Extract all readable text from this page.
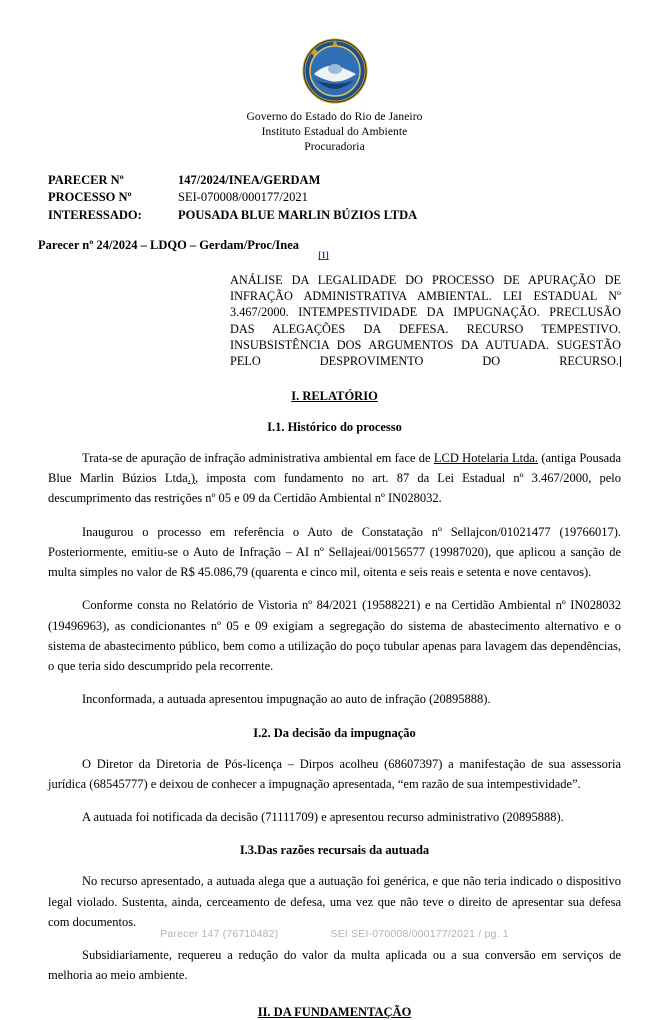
Governo do Estado do Rio de Janeiro
Instituto Estadual do Ambiente
Procuradoria
PARECER Nº	147/2024/INEA/GERDAM
PROCESSO Nº	SEI-070008/000177/2021
INTERESSADO:	POUSADA BLUE MARLIN BÚZIOS LTDA
Parecer nº 24/2024 – LDQO – Gerdam/Proc/Inea
[1]
ANÁLISE DA LEGALIDADE DO PROCESSO DE APURAÇÃO DE INFRAÇÃO ADMINISTRATIVA AMBIENTAL. LEI ESTADUAL Nº 3.467/2000. INTEMPESTIVIDADE DA IMPUGNAÇÃO. PRECLUSÃO DAS ALEGAÇÕES DA DEFESA. RECURSO TEMPESTIVO. INSUBSISTÊNCIA DOS ARGUMENTOS DA AUTUADA. SUGESTÃO PELO DESPROVIMENTO DO RECURSO.
I. RELATÓRIO
I.1. Histórico do processo

Trata-se de apuração de infração administrativa ambiental em face de LCD Hotelaria Ltda. (antiga Pousada Blue Marlin Búzios Ltda.), imposta com fundamento no art. 87 da Lei Estadual nº 3.467/2000, pelo descumprimento das restrições nº 05 e 09 da Certidão Ambiental nº IN028032.

Inaugurou o processo em referência o Auto de Constatação nº Sellajcon/01021477 (19766017). Posteriormente, emitiu-se o Auto de Infração – AI nº Sellajeai/00156577 (19987020), que aplicou a sanção de multa simples no valor de R$ 45.086,79 (quarenta e cinco mil, oitenta e seis reais e setenta e nove centavos).

Conforme consta no Relatório de Vistoria nº 84/2021 (19588221) e na Certidão Ambiental nº IN028032 (19496963), as condicionantes nº 05 e 09 exigiam a segregação do sistema de abastecimento alternativo e o sistema de abastecimento público, bem como a utilização do poço tubular apenas para lavagem das dependências, o que teria sido descumprido pela recorrente.

Inconformada, a autuada apresentou impugnação ao auto de infração (20895888).

I.2. Da decisão da impugnação

O Diretor da Diretoria de Pós-licença – Dirpos acolheu (68607397) a manifestação de sua assessoria jurídica (68545777) e deixou de conhecer a impugnação apresentada, “em razão de sua intempestividade”.

A autuada foi notificada da decisão (71111709) e apresentou recurso administrativo (20895888).

I.3.Das razões recursais da autuada

No recurso apresentado, a autuada alega que a autuação foi genérica, e que não teria indicado o dispositivo legal violado. Sustenta, ainda, cerceamento de defesa, uma vez que não teve o direito de apresentar sua defesa com documentos.

Subsidiariamente, requereu a redução do valor da multa aplicada ou a sua conversão em serviços de melhoria ao meio ambiente.

II. DA FUNDAMENTAÇÃO
Parecer 147 (76710482)	SEI SEI-070008/000177/2021 / pg. 1
